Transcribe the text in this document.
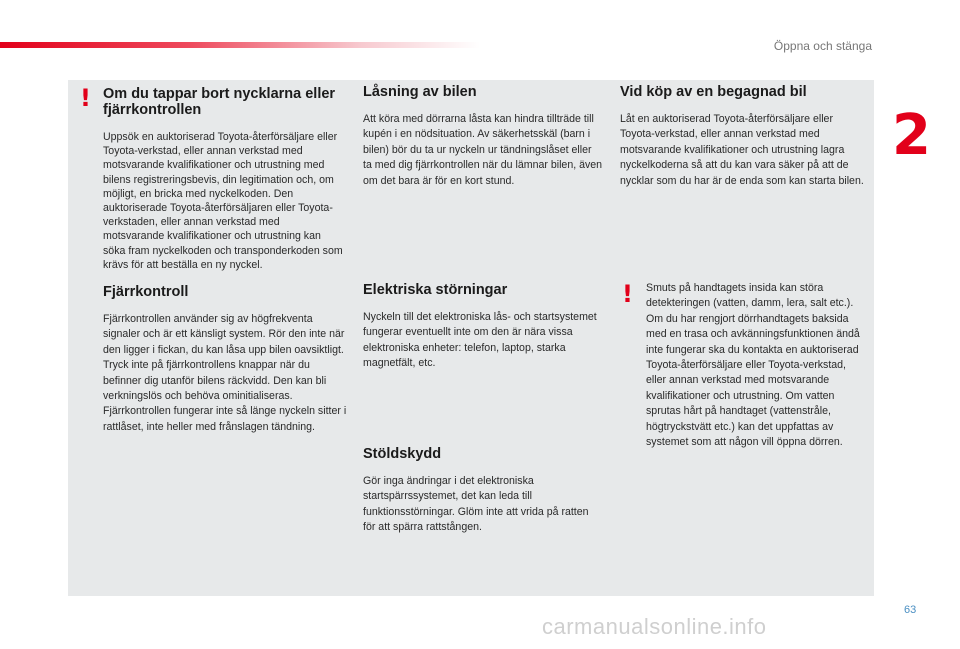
Öppna och stänga
2
! Om du tappar bort nycklarna eller fjärrkontrollen

Uppsök en auktoriserad Toyota-återförsäljare eller Toyota-verkstad, eller annan verkstad med motsvarande kvalifikationer och utrustning med bilens registreringsbevis, din legitimation och, om möjligt, en bricka med nyckelkoden. Den auktoriserade Toyota-återförsäljaren eller Toyota-verkstaden, eller annan verkstad med motsvarande kvalifikationer och utrustning kan söka fram nyckelkoden och transponderkoden som krävs för att beställa en ny nyckel.

Fjärrkontroll

Fjärrkontrollen använder sig av högfrekventa signaler och är ett känsligt system. Rör den inte när den ligger i fickan, du kan låsa upp bilen oavsiktligt. Tryck inte på fjärrkontrollens knappar när du befinner dig utanför bilens räckvidd. Den kan bli verkningslös och behöva ominitialiseras. Fjärrkontrollen fungerar inte så länge nyckeln sitter i rattlåset, inte heller med frånslagen tändning.

Låsning av bilen

Att köra med dörrarna låsta kan hindra tillträde till kupén i en nödsituation. Av säkerhetsskäl (barn i bilen) bör du ta ur nyckeln ur tändningslåset eller ta med dig fjärrkontrollen när du lämnar bilen, även om det bara är för en kort stund.

Elektriska störningar

Nyckeln till det elektroniska lås- och startsystemet fungerar eventuellt inte om den är nära vissa elektroniska enheter: telefon, laptop, starka magnetfält, etc.

Stöldskydd

Gör inga ändringar i det elektroniska startspärrssystemet, det kan leda till funktionsstörningar. Glöm inte att vrida på ratten för att spärra rattstången.

Vid köp av en begagnad bil

Låt en auktoriserad Toyota-återförsäljare eller Toyota-verkstad, eller annan verkstad med motsvarande kvalifikationer och utrustning lagra nyckelkoderna så att du kan vara säker på att de nycklar som du har är de enda som kan starta bilen.

! Smuts på handtagets insida kan störa detekteringen (vatten, damm, lera, salt etc.). Om du har rengjort dörrhandtagets baksida med en trasa och avkänningsfunktionen ändå inte fungerar ska du kontakta en auktoriserad Toyota-återförsäljare eller Toyota-verkstad, eller annan verkstad med motsvarande kvalifikationer och utrustning. Om vatten sprutas hårt på handtaget (vattenstråle, högtryckstvätt etc.) kan det uppfattas av systemet som att någon vill öppna dörren.

63
carmanualsonline.info
